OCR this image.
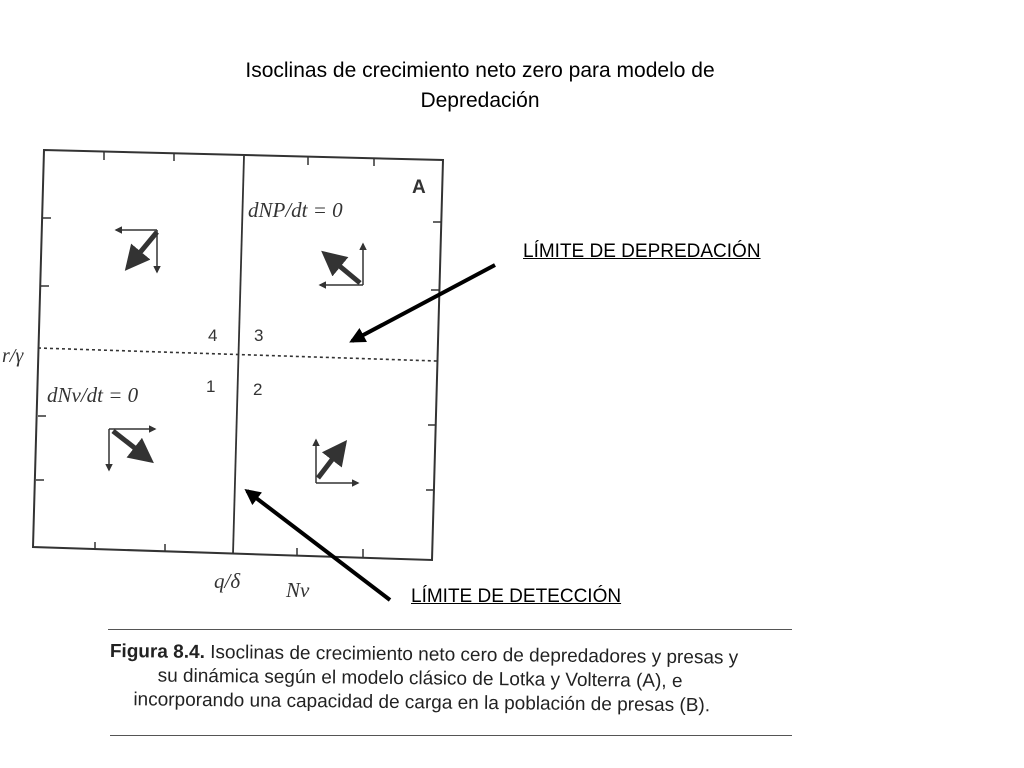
Isoclinas de crecimiento neto zero para modelo de
Depredación
A
dNP/dt = 0
dNv/dt = 0
4 3
1 2
r/γ
q/δ Nv
LÍMITE DE DEPREDACIÓN
LÍMITE DE DETECCIÓN
Figura 8.4. Isoclinas de crecimiento neto cero de depredadores y presas y
su dinámica según el modelo clásico de Lotka y Volterra (A), e
incorporando una capacidad de carga en la población de presas (B).
